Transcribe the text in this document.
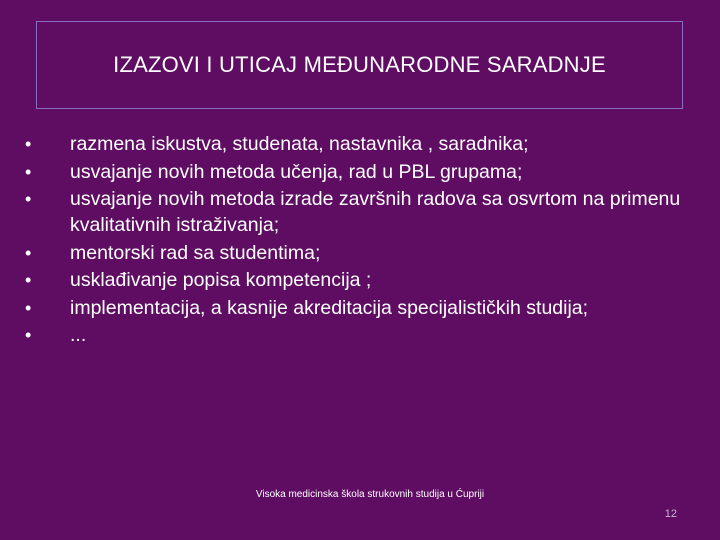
IZAZOVI I UTICAJ MEĐUNARODNE SARADNJE
•	razmena iskustva, studenata, nastavnika , saradnika;
•	usvajanje novih metoda učenja, rad u PBL grupama;
•	usvajanje novih metoda izrade završnih radova sa osvrtom na primenu kvalitativnih istraživanja;
•	mentorski rad sa studentima;
•	usklađivanje popisa kompetencija ;
•	implementacija, a kasnije akreditacija specijalističkih studija;
•	...
Visoka medicinska škola strukovnih studija u Ćupriji
12
